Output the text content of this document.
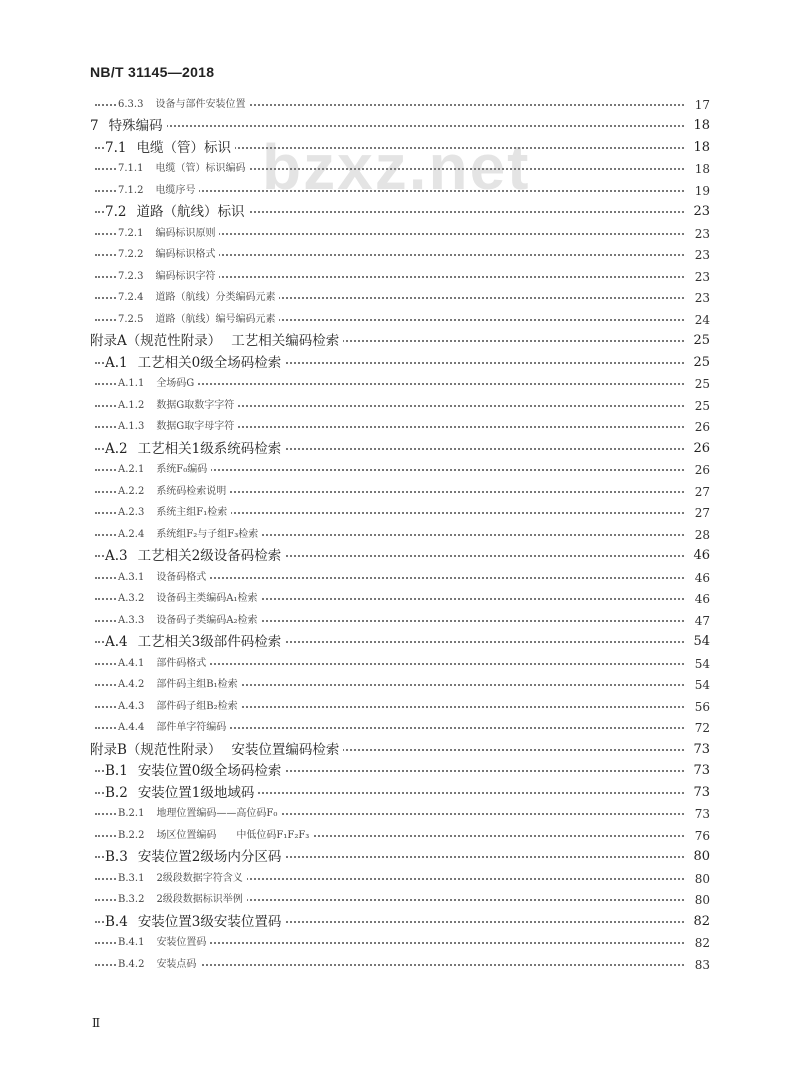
NB/T 31145—2018
bzxz.net
6.3.3 设备与部件安装位置	17
7 特殊编码	18
7.1 电缆（管）标识	18
7.1.1 电缆（管）标识编码	18
7.1.2 电缆序号	19
7.2 道路（航线）标识	23
7.2.1 编码标识原则	23
7.2.2 编码标识格式	23
7.2.3 编码标识字符	23
7.2.4 道路（航线）分类编码元素	23
7.2.5 道路（航线）编号编码元素	24
附录A（规范性附录） 工艺相关编码检索	25
A.1 工艺相关0级全场码检索	25
A.1.1 全场码G	25
A.1.2 数据G取数字字符	25
A.1.3 数据G取字母字符	26
A.2 工艺相关1级系统码检索	26
A.2.1 系统F₀编码	26
A.2.2 系统码检索说明	27
A.2.3 系统主组F₁检索	27
A.2.4 系统组F₂与子组F₃检索	28
A.3 工艺相关2级设备码检索	46
A.3.1 设备码格式	46
A.3.2 设备码主类编码A₁检索	46
A.3.3 设备码子类编码A₂检索	47
A.4 工艺相关3级部件码检索	54
A.4.1 部件码格式	54
A.4.2 部件码主组B₁检索	54
A.4.3 部件码子组B₂检索	56
A.4.4 部件单字符编码	72
附录B（规范性附录） 安装位置编码检索	73
B.1 安装位置0级全场码检索	73
B.2 安装位置1级地域码	73
B.2.1 地理位置编码——高位码F₀	73
B.2.2 场区位置编码　　中低位码F₁F₂F₃	76
B.3 安装位置2级场内分区码	80
B.3.1 2级段数据字符含义	80
B.3.2 2级段数据标识举例	80
B.4 安装位置3级安装位置码	82
B.4.1 安装位置码	82
B.4.2 安装点码	83
Ⅱ
